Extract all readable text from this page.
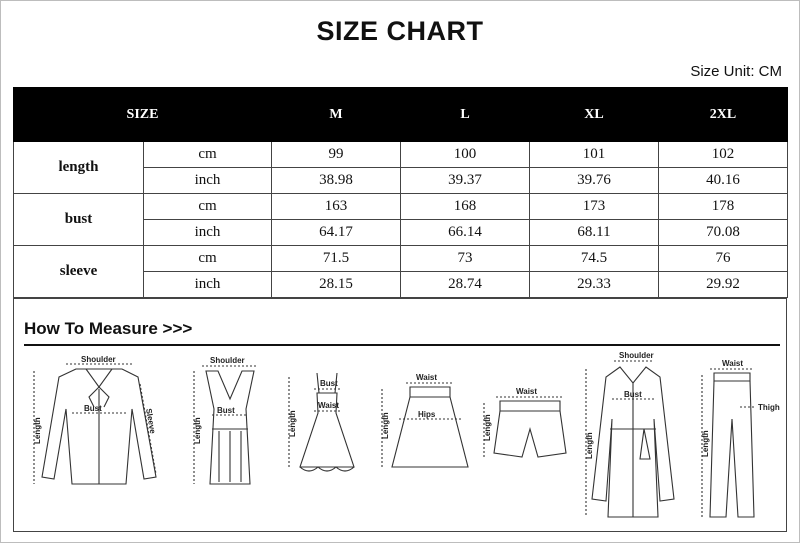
SIZE CHART
Size Unit: CM
SIZE		M	L	XL	2XL
length	cm	99	100	101	102
	inch	38.98	39.37	39.76	40.16
bust	cm	163	168	173	178
	inch	64.17	66.14	68.11	70.08
sleeve	cm	71.5	73	74.5	76
	inch	28.15	28.74	29.33	29.92
How To Measure >>>
Shoulder
Bust
Length	Sleeve
Shoulder
Bust
Length
Bust
Waist
Length
Waist
Hips
Length
Waist
Length
Shoulder
Bust
Length
Waist
Thigh
Length
